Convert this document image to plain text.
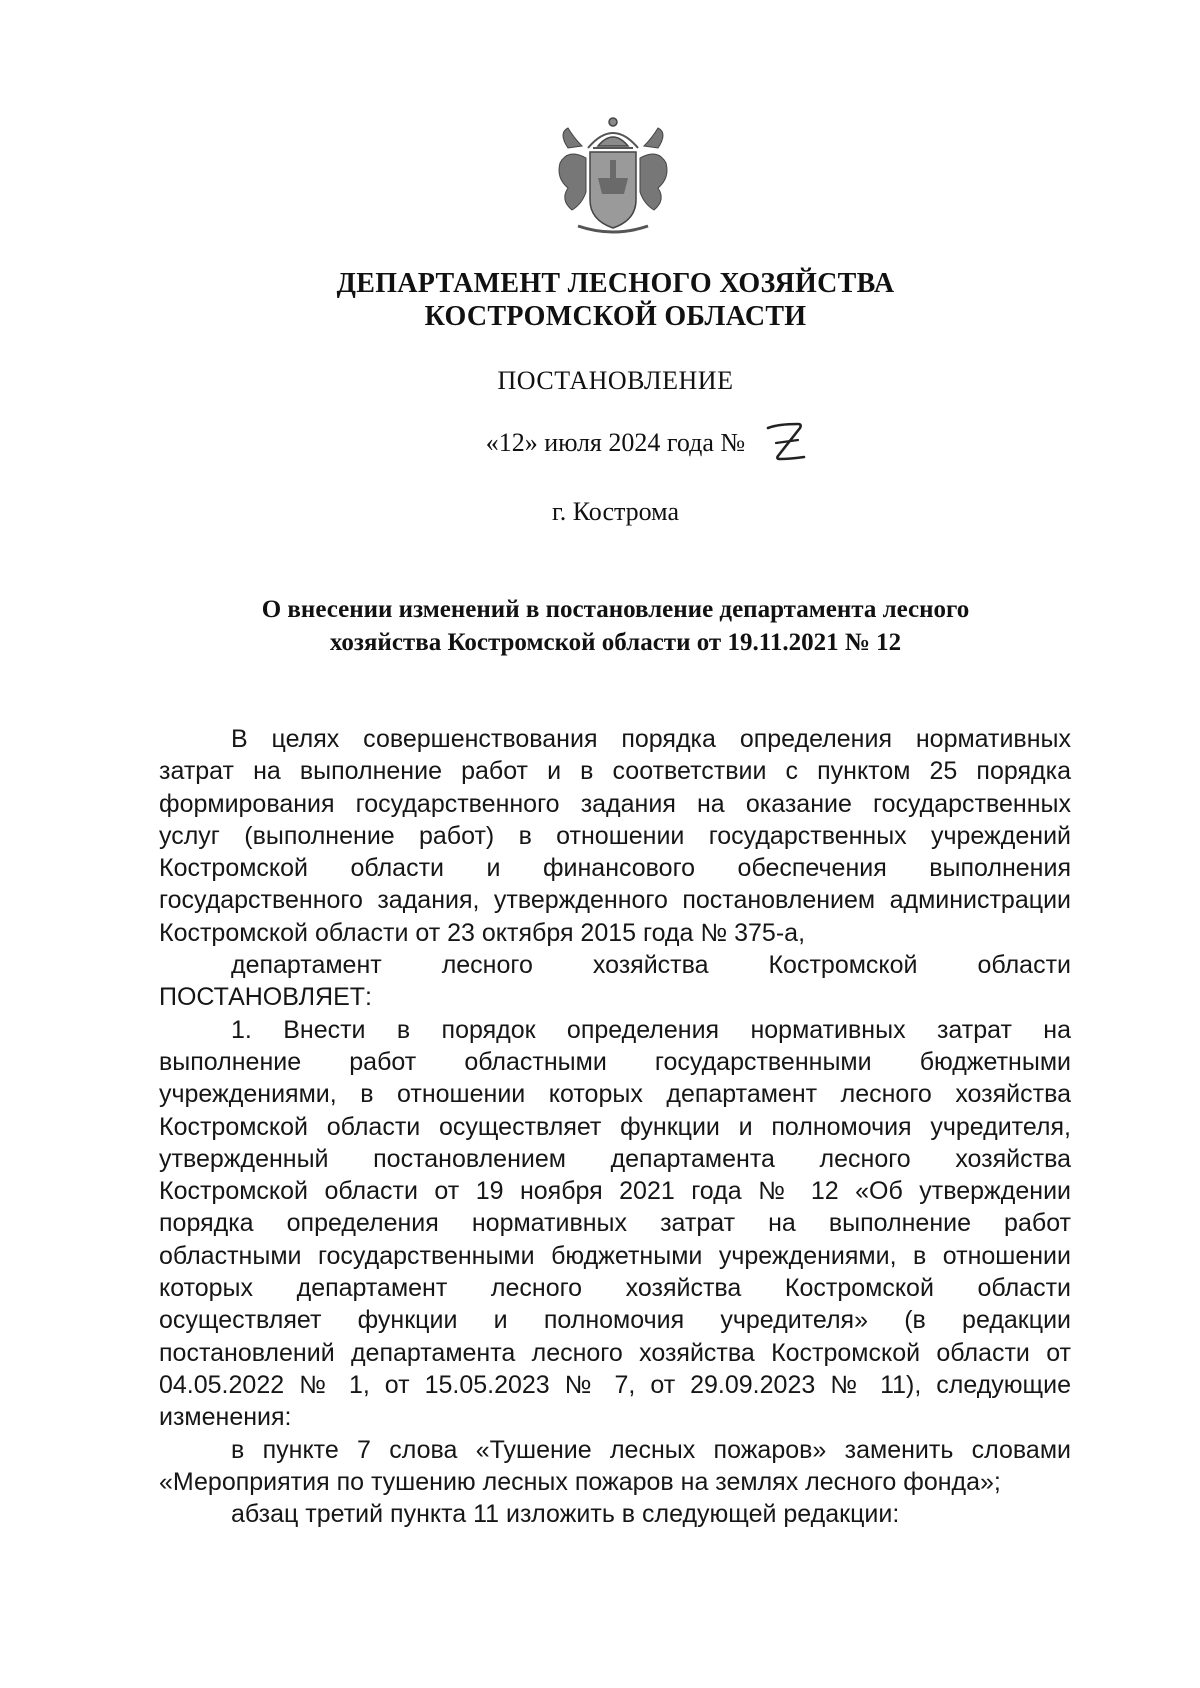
ДЕПАРТАМЕНТ ЛЕСНОГО ХОЗЯЙСТВА
КОСТРОМСКОЙ ОБЛАСТИ
ПОСТАНОВЛЕНИЕ
«12» июля 2024 года №
г. Кострома
О внесении изменений в постановление департамента лесного
хозяйства Костромской области от 19.11.2021 № 12
В целях совершенствования порядка определения нормативных
затрат на выполнение работ и в соответствии с пунктом 25 порядка
формирования государственного задания на оказание государственных
услуг (выполнение работ) в отношении государственных учреждений
Костромской области и финансового обеспечения выполнения
государственного задания, утвержденного постановлением администрации
Костромской области от 23 октября 2015 года № 375-а,
департамент лесного хозяйства Костромской области
ПОСТАНОВЛЯЕТ:
1. Внести в порядок определения нормативных затрат на
выполнение работ областными государственными бюджетными
учреждениями, в отношении которых департамент лесного хозяйства
Костромской области осуществляет функции и полномочия учредителя,
утвержденный постановлением департамента лесного хозяйства
Костромской области от 19 ноября 2021 года № 12 «Об утверждении
порядка определения нормативных затрат на выполнение работ
областными государственными бюджетными учреждениями, в отношении
которых департамент лесного хозяйства Костромской области
осуществляет функции и полномочия учредителя» (в редакции
постановлений департамента лесного хозяйства Костромской области от
04.05.2022 № 1, от 15.05.2023 № 7, от 29.09.2023 № 11), следующие
изменения:
в пункте 7 слова «Тушение лесных пожаров» заменить словами
«Мероприятия по тушению лесных пожаров на землях лесного фонда»;
абзац третий пункта 11 изложить в следующей редакции:
